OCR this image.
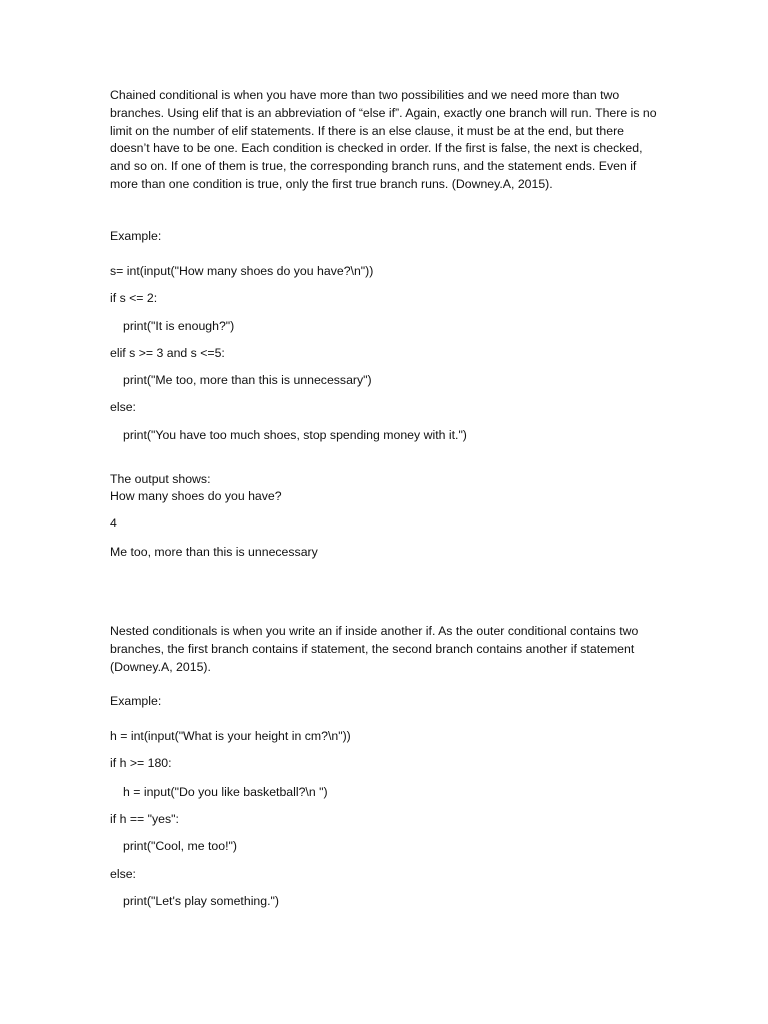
Chained conditional is when you have more than two possibilities and we need more than two branches. Using elif that is an abbreviation of “else if”. Again, exactly one branch will run. There is no limit on the number of elif statements. If there is an else clause, it must be at the end, but there doesn’t have to be one. Each condition is checked in order. If the first is false, the next is checked, and so on. If one of them is true, the corresponding branch runs, and the statement ends. Even if more than one condition is true, only the first true branch runs. (Downey.A, 2015).

Example:
s= int(input("How many shoes do you have?\n"))
if s <= 2:
print("It is enough?")
elif s >= 3 and s <=5:
print("Me too, more than this is unnecessary")
else:
print("You have too much shoes, stop spending money with it.")
The output shows:
How many shoes do you have?
4
Me too, more than this is unnecessary

Nested conditionals is when you write an if inside another if. As the outer conditional contains two branches, the first branch contains if statement, the second branch contains another if statement (Downey.A, 2015).

Example:
h = int(input("What is your height in cm?\n"))
if h >= 180:
h = input("Do you like basketball?\n ")
if h == "yes":
print("Cool, me too!")
else:
print("Let's play something.")
